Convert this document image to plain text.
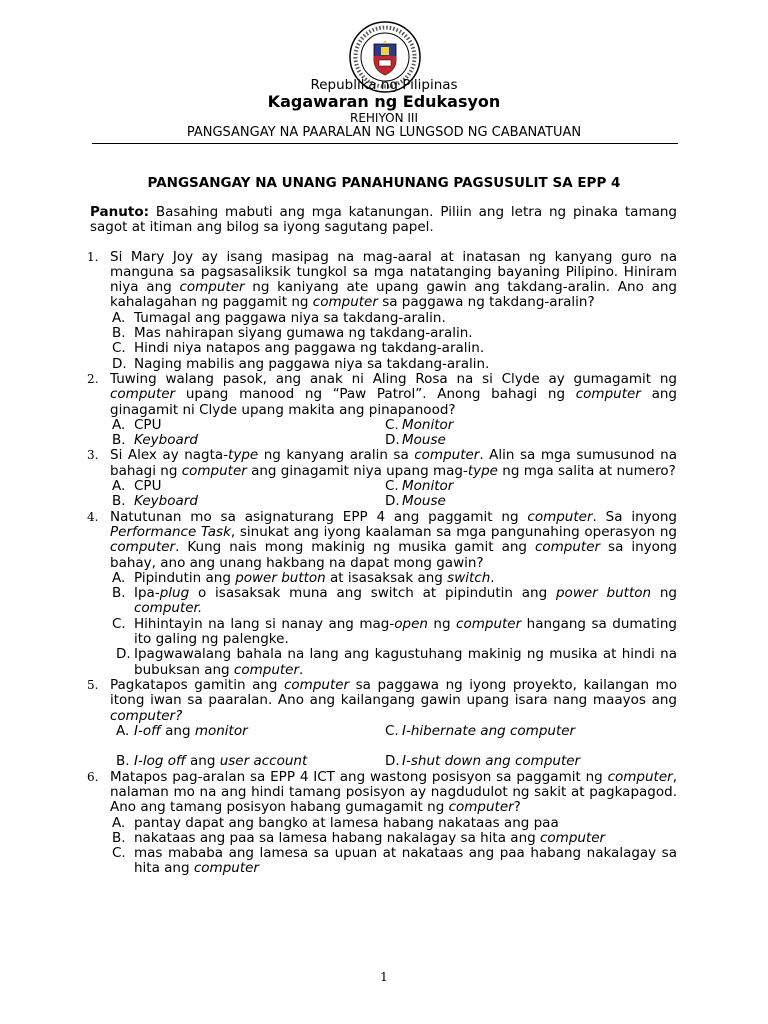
Republika ng Pilipinas
Kagawaran ng Edukasyon
REHIYON III
PANGSANGAY NA PAARALAN NG LUNGSOD NG CABANATUAN
PANGSANGAY NA UNANG PANAHUNANG PAGSUSULIT SA EPP 4
Panuto: Basahing mabuti ang mga katanungan. Piliin ang letra ng pinaka tamang sagot at itiman ang bilog sa iyong sagutang papel.
1. Si Mary Joy ay isang masipag na mag-aaral at inatasan ng kanyang guro na manguna sa pagsasaliksik tungkol sa mga natatanging bayaning Pilipino. Hiniram niya ang computer ng kaniyang ate upang gawin ang takdang-aralin. Ano ang kahalagahan ng paggamit ng computer sa paggawa ng takdang-aralin?
A. Tumagal ang paggawa niya sa takdang-aralin.
B. Mas nahirapan siyang gumawa ng takdang-aralin.
C. Hindi niya natapos ang paggawa ng takdang-aralin.
D. Naging mabilis ang paggawa niya sa takdang-aralin.
2. Tuwing walang pasok, ang anak ni Aling Rosa na si Clyde ay gumagamit ng computer upang manood ng “Paw Patrol”. Anong bahagi ng computer ang ginagamit ni Clyde upang makita ang pinapanood?
A. CPU	C. Monitor
B. Keyboard	D. Mouse
3. Si Alex ay nagta-type ng kanyang aralin sa computer. Alin sa mga sumusunod na bahagi ng computer ang ginagamit niya upang mag-type ng mga salita at numero?
A. CPU	C. Monitor
B. Keyboard	D. Mouse
4. Natutunan mo sa asignaturang EPP 4 ang paggamit ng computer. Sa inyong Performance Task, sinukat ang iyong kaalaman sa mga pangunahing operasyon ng computer. Kung nais mong makinig ng musika gamit ang computer sa inyong bahay, ano ang unang hakbang na dapat mong gawin?
A. Pipindutin ang power button at isasaksak ang switch.
B. Ipa-plug o isasaksak muna ang switch at pipindutin ang power button ng computer.
C. Hihintayin na lang si nanay ang mag-open ng computer hangang sa dumating ito galing ng palengke.
D. Ipagwawalang bahala na lang ang kagustuhang makinig ng musika at hindi na bubuksan ang computer.
5. Pagkatapos gamitin ang computer sa paggawa ng iyong proyekto, kailangan mo itong iwan sa paaralan. Ano ang kailangang gawin upang isara nang maayos ang computer?
A. I-off ang monitor	C. I-hibernate ang computer
B. I-log off ang user account	D. I-shut down ang computer
6. Matapos pag-aralan sa EPP 4 ICT ang wastong posisyon sa paggamit ng computer, nalaman mo na ang hindi tamang posisyon ay nagdudulot ng sakit at pagkapagod. Ano ang tamang posisyon habang gumagamit ng computer?
A. pantay dapat ang bangko at lamesa habang nakataas ang paa
B. nakataas ang paa sa lamesa habang nakalagay sa hita ang computer
C. mas mababa ang lamesa sa upuan at nakataas ang paa habang nakalagay sa hita ang computer
1
